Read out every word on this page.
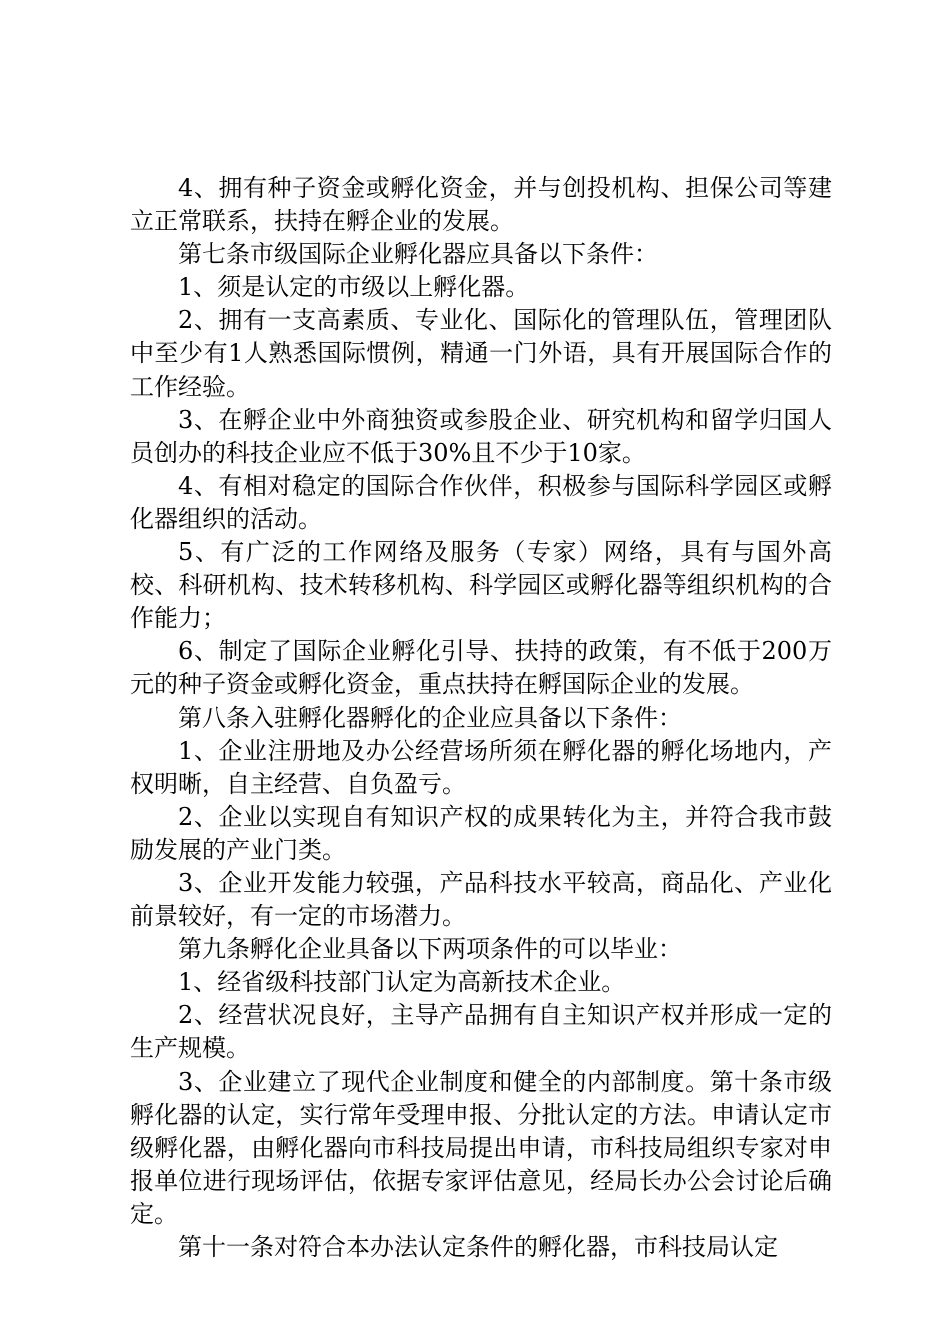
4、拥有种子资金或孵化资金，并与创投机构、担保公司等建立正常联系，扶持在孵企业的发展。

第七条市级国际企业孵化器应具备以下条件：

1、须是认定的市级以上孵化器。

2、拥有一支高素质、专业化、国际化的管理队伍，管理团队中至少有1人熟悉国际惯例，精通一门外语，具有开展国际合作的工作经验。

3、在孵企业中外商独资或参股企业、研究机构和留学归国人员创办的科技企业应不低于30%且不少于10家。

4、有相对稳定的国际合作伙伴，积极参与国际科学园区或孵化器组织的活动。

5、有广泛的工作网络及服务（专家）网络，具有与国外高校、科研机构、技术转移机构、科学园区或孵化器等组织机构的合作能力；

6、制定了国际企业孵化引导、扶持的政策，有不低于200万元的种子资金或孵化资金，重点扶持在孵国际企业的发展。

第八条入驻孵化器孵化的企业应具备以下条件：

1、企业注册地及办公经营场所须在孵化器的孵化场地内，产权明晰，自主经营、自负盈亏。

2、企业以实现自有知识产权的成果转化为主，并符合我市鼓励发展的产业门类。

3、企业开发能力较强，产品科技水平较高，商品化、产业化前景较好，有一定的市场潜力。

第九条孵化企业具备以下两项条件的可以毕业：

1、经省级科技部门认定为高新技术企业。

2、经营状况良好，主导产品拥有自主知识产权并形成一定的生产规模。

3、企业建立了现代企业制度和健全的内部制度。第十条市级孵化器的认定，实行常年受理申报、分批认定的方法。申请认定市级孵化器，由孵化器向市科技局提出申请，市科技局组织专家对申报单位进行现场评估，依据专家评估意见，经局长办公会讨论后确定。

第十一条对符合本办法认定条件的孵化器，市科技局认定
